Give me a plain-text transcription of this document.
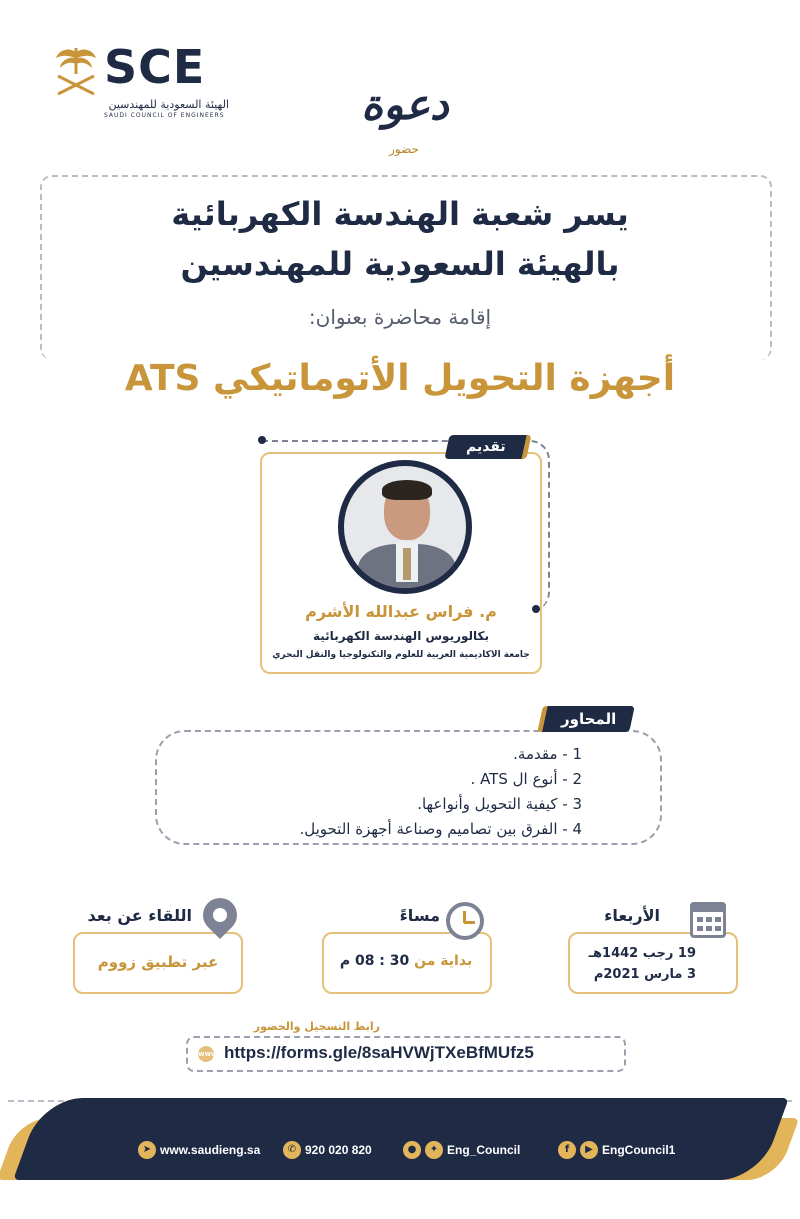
SCE
الهيئة السعودية للمهندسين
SAUDI COUNCIL OF ENGINEERS	دعوة
حضور
يسر شعبة الهندسة الكهربائية
بالهيئة السعودية للمهندسين
إقامة محاضرة بعنوان:
أجهزة التحويل الأتوماتيكي ATS
تقديم
م. فراس عبدالله الأشرم
بكالوريوس الهندسة الكهربائية
جامعة الأكاديمية العربية للعلوم والتكنولوجيا والنقل البحري
المحاور
1 - مقدمة.
2 - أنوع ال ATS .
3 - كيفية التحويل وأنواعها.
4 - الفرق بين تصاميم وصناعة أجهزة التحويل.
الأربعاء
19 رجب 1442هـ
3 مارس 2021م
مساءً
بداية من 30 : 08 م
اللقاء عن بعد
عبر تطبيق زووم
رابط التسجيل والحضور
www https://forms.gle/8saHVWjTXeBfMUfz5
➤ www.saudieng.sa	✆ 920 020 820	●	✦ Eng_Council	f	▶ EngCouncil1
